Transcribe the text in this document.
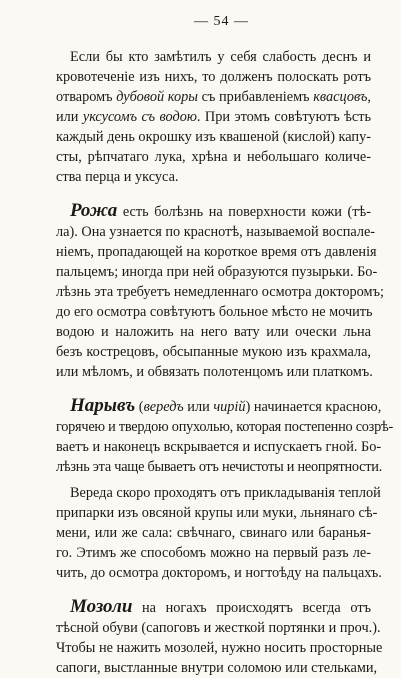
— 54 —
Если бы кто замѣтилъ у себя слабость деснъ и
кровотеченіе изъ нихъ, то долженъ полоскать ротъ
отваромъ дубовой коры съ прибавленіемъ квасцовъ,
или уксусомъ съ водою. При этомъ совѣтуютъ ѣсть
каждый день окрошку изъ квашеной (кислой) капу-
сты, рѣпчатаго лука, хрѣна и небольшаго количе-
ства перца и уксуса.
Рожа есть болѣзнь на поверхности кожи (тѣ-
ла). Она узнается по краснотѣ, называемой воспале-
ніемъ, пропадающей на короткое время отъ давленія
пальцемъ; иногда при ней образуются пузырьки. Бо-
лѣзнь эта требуетъ немедленнаго осмотра докторомъ;
до его осмотра совѣтуютъ больное мѣсто не мочить
водою и наложить на него вату или очески льна
безъ кострецовъ, обсыпанные мукою изъ крахмала,
или мѣломъ, и обвязать полотенцомъ или платкомъ.
Нарывъ (вередъ или чирій) начинается красною,
горячею и твердою опухолью, которая постепенно созрѣ-
ваетъ и наконецъ вскрывается и испускаетъ гной. Бо-
лѣзнь эта чаще бываетъ отъ нечистоты и неопрятности.
Вереда скоро проходятъ отъ прикладыванія теплой
припарки изъ овсяной крупы или муки, льнянаго сѣ-
мени, или же сала: свѣчнаго, свинаго или баранья-
го. Этимъ же способомъ можно на первый разъ ле-
чить, до осмотра докторомъ, и ногтоѣду на пальцахъ.
Мозоли на ногахъ происходятъ всегда отъ
тѣсной обуви (сапоговъ и жесткой портянки и проч.).
Чтобы не нажить мозолей, нужно носить просторные
сапоги, выстланные внутри соломою или стельками,
